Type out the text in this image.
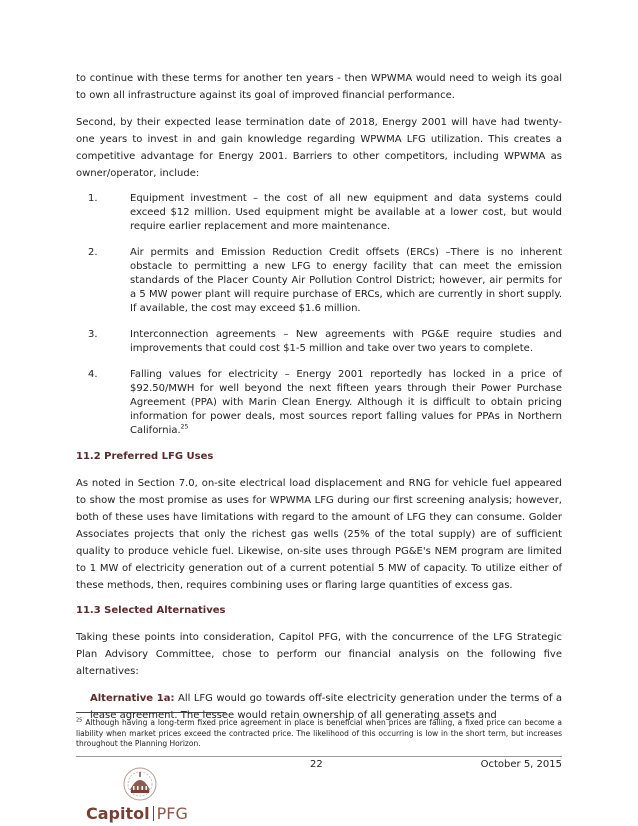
to continue with these terms for another ten years - then WPWMA would need to weigh its goal to own all infrastructure against its goal of improved financial performance.

Second, by their expected lease termination date of 2018, Energy 2001 will have had twenty-one years to invest in and gain knowledge regarding WPWMA LFG utilization. This creates a competitive advantage for Energy 2001. Barriers to other competitors, including WPWMA as owner/operator, include:

1.	Equipment investment – the cost of all new equipment and data systems could exceed $12 million. Used equipment might be available at a lower cost, but would require earlier replacement and more maintenance.
2.	Air permits and Emission Reduction Credit offsets (ERCs) –There is no inherent obstacle to permitting a new LFG to energy facility that can meet the emission standards of the Placer County Air Pollution Control District; however, air permits for a 5 MW power plant will require purchase of ERCs, which are currently in short supply. If available, the cost may exceed $1.6 million.
3.	Interconnection agreements – New agreements with PG&E require studies and improvements that could cost $1-5 million and take over two years to complete.
4.	Falling values for electricity – Energy 2001 reportedly has locked in a price of $92.50/MWH for well beyond the next fifteen years through their Power Purchase Agreement (PPA) with Marin Clean Energy. Although it is difficult to obtain pricing information for power deals, most sources report falling values for PPAs in Northern California.$^{25}$
11.2 Preferred LFG Uses

As noted in Section 7.0, on-site electrical load displacement and RNG for vehicle fuel appeared to show the most promise as uses for WPWMA LFG during our first screening analysis; however, both of these uses have limitations with regard to the amount of LFG they can consume. Golder Associates projects that only the richest gas wells (25% of the total supply) are of sufficient quality to produce vehicle fuel. Likewise, on-site uses through PG&E's NEM program are limited to 1 MW of electricity generation out of a current potential 5 MW of capacity. To utilize either of these methods, then, requires combining uses or flaring large quantities of excess gas.

11.3 Selected Alternatives

Taking these points into consideration, Capitol PFG, with the concurrence of the LFG Strategic Plan Advisory Committee, chose to perform our financial analysis on the following five alternatives:

Alternative 1a: All LFG would go towards off-site electricity generation under the terms of a lease agreement. The lessee would retain ownership of all generating assets and

$^{25}$ Although having a long-term fixed price agreement in place is beneficial when prices are falling, a fixed price can become a liability when market prices exceed the contracted price. The likelihood of this occurring is low in the short term, but increases throughout the Planning Horizon.
22	October 5, 2015
Capitol PFG
